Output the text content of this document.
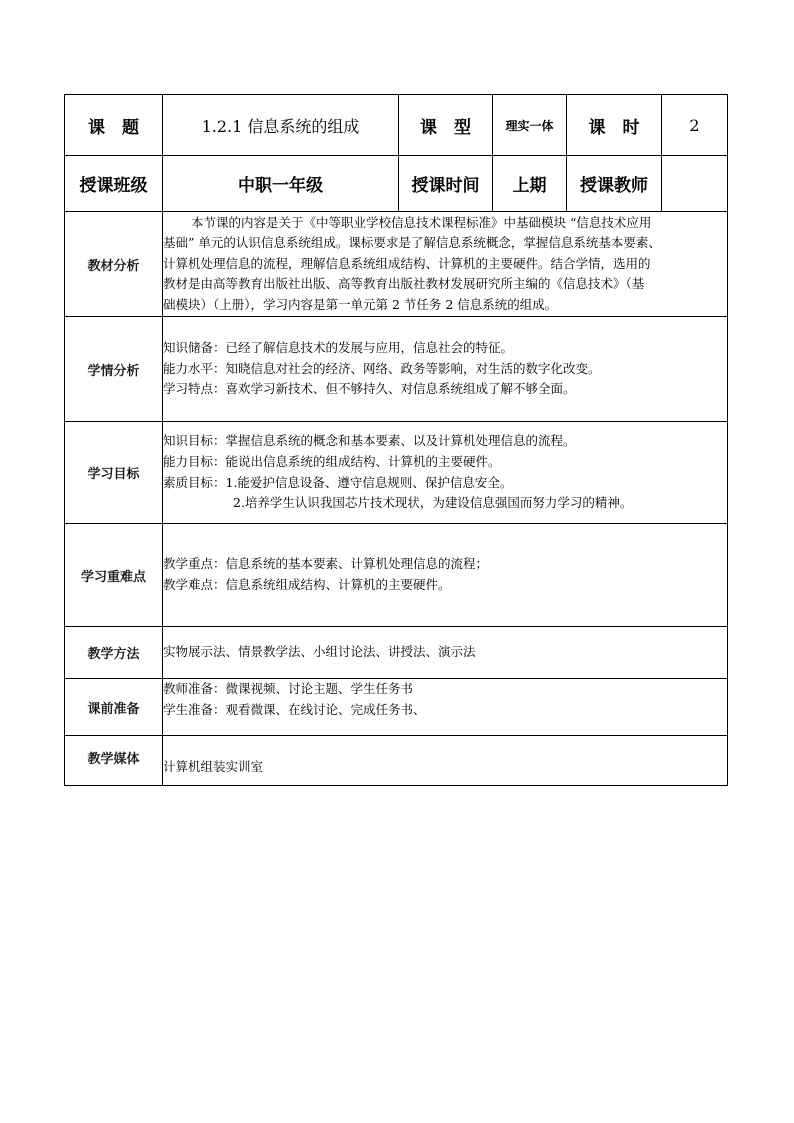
课　题	1.2.1 信息系统的组成	课　型	理实一体	课　时	2
授课班级	中职一年级	授课时间	上期	授课教师	
教材分析	本节课的内容是关于《中等职业学校信息技术课程标准》中基础模块 “信息技术应用
基础” 单元的认识信息系统组成。课标要求是了解信息系统概念，掌握信息系统基本要素、
计算机处理信息的流程，理解信息系统组成结构、计算机的主要硬件。结合学情，选用的
教材是由高等教育出版社出版、高等教育出版社教材发展研究所主编的《信息技术》（基
础模块）（上册），学习内容是第一单元第 2 节任务 2 信息系统的组成。				

学情分析	知识储备：已经了解信息技术的发展与应用，信息社会的特征。
能力水平：知晓信息对社会的经济、网络、政务等影响，对生活的数字化改变。
学习特点：喜欢学习新技术、但不够持久、对信息系统组成了解不够全面。				

学习目标	知识目标：掌握信息系统的概念和基本要素、以及计算机处理信息的流程。
能力目标：能说出信息系统的组成结构、计算机的主要硬件。
素质目标：1.能爱护信息设备、遵守信息规则、保护信息安全。
2.培养学生认识我国芯片技术现状，为建设信息强国而努力学习的精神。				

学习重难点	教学重点：信息系统的基本要素、计算机处理信息的流程；
教学难点：信息系统组成结构、计算机的主要硬件。				

教学方法	实物展示法、情景教学法、小组讨论法、讲授法、演示法				

课前准备	教师准备：微课视频、讨论主题、学生任务书
学生准备：观看微课、在线讨论、完成任务书、				

教学媒体	计算机组装实训室				
